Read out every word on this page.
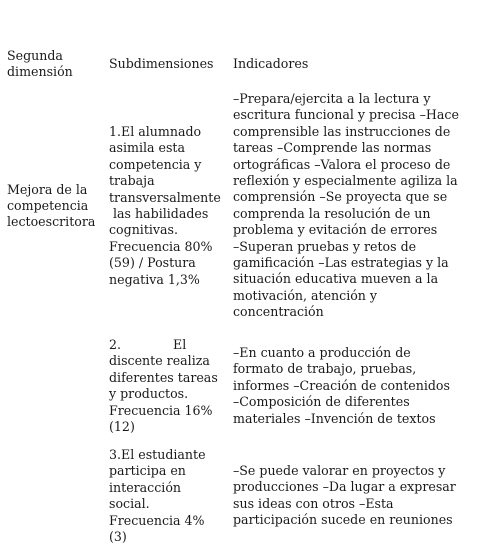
Segunda
dimensión
Subdimensiones	Indicadores
Mejora de la
competencia
lectoescritora
1.El alumnado
asimila esta
competencia y
trabaja
transversalmente
las habilidades
cognitivas.
Frecuencia 80%
(59) / Postura
negativa 1,3%
–Prepara/ejercita a la lectura y
escritura funcional y precisa –Hace
comprensible las instrucciones de
tareas –Comprende las normas
ortográficas –Valora el proceso de
reflexión y especialmente agiliza la
comprensión –Se proyecta que se
comprenda la resolución de un
problema y evitación de errores
–Superan pruebas y retos de
gamificación –Las estrategias y la
situación educativa mueven a la
motivación, atención y
concentración
2.             El
discente realiza
diferentes tareas
y productos.
Frecuencia 16%
(12)
–En cuanto a producción de
formato de trabajo, pruebas,
informes –Creación de contenidos
–Composición de diferentes
materiales –Invención de textos
3.El estudiante
participa en
interacción
social.
Frecuencia 4%
(3)
–Se puede valorar en proyectos y
producciones –Da lugar a expresar
sus ideas con otros –Esta
participación sucede en reuniones
